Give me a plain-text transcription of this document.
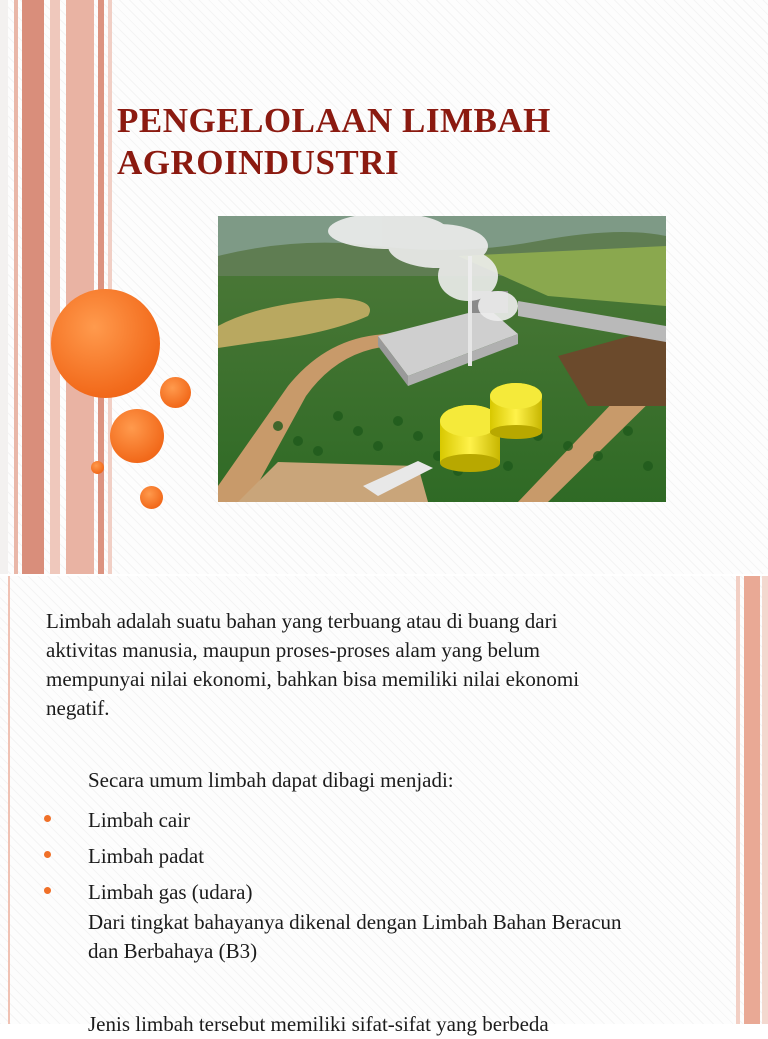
PENGELOLAAN LIMBAH
AGROINDUSTRI

Limbah adalah suatu bahan yang terbuang atau di buang dari aktivitas manusia, maupun proses-proses alam yang belum mempunyai nilai ekonomi, bahkan bisa memiliki nilai ekonomi negatif.

Secara umum limbah dapat dibagi menjadi:

Limbah cair
Limbah padat
Limbah gas (udara)

Dari tingkat bahayanya dikenal dengan Limbah Bahan Beracun dan Berbahaya (B3)

Jenis limbah tersebut memiliki sifat-sifat yang berbeda
